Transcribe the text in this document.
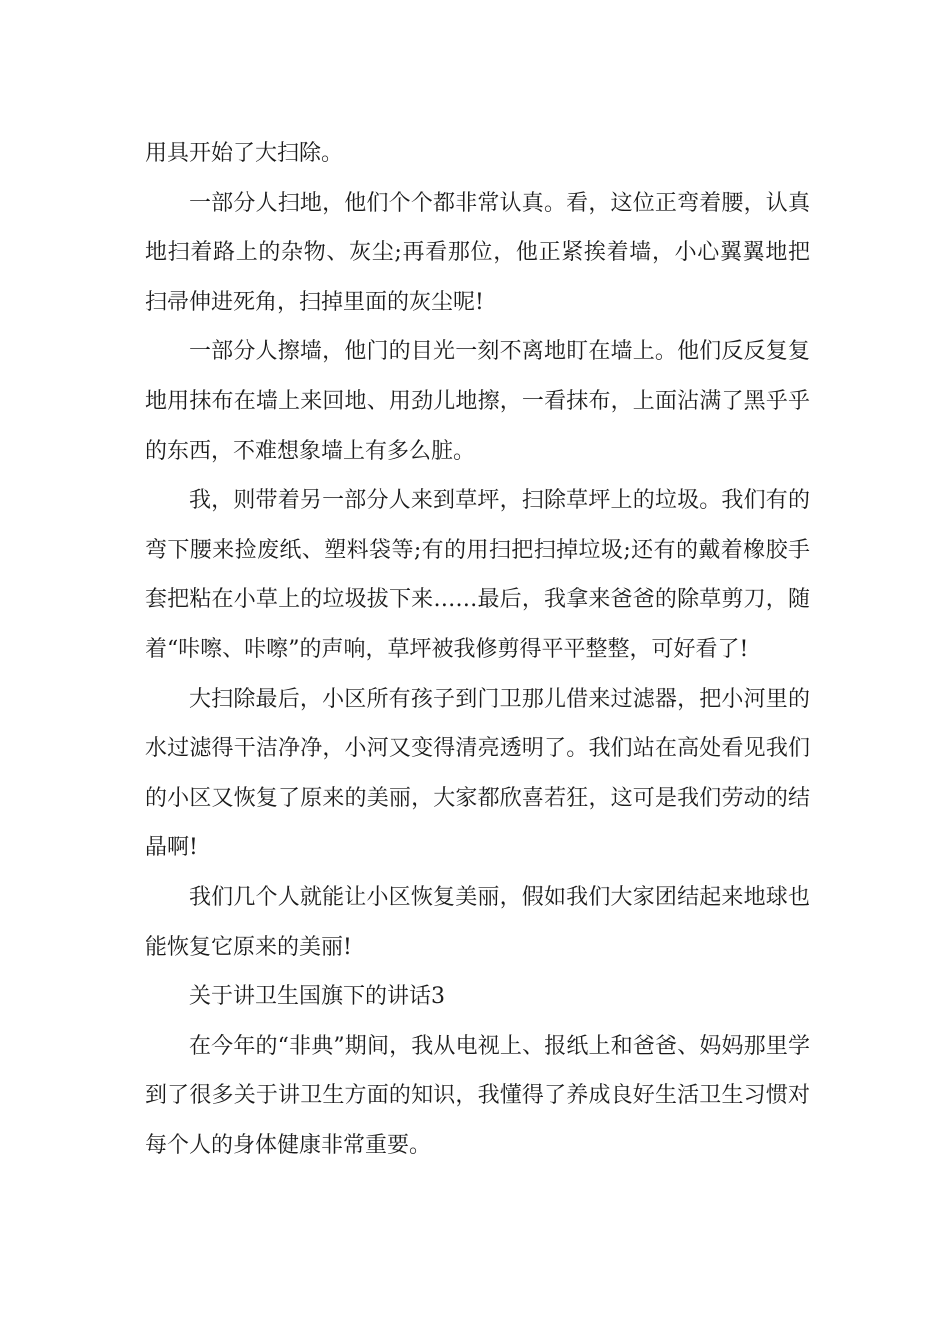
用具开始了大扫除。

一部分人扫地，他们个个都非常认真。看，这位正弯着腰，认真地扫着路上的杂物、灰尘;再看那位，他正紧挨着墙，小心翼翼地把扫帚伸进死角，扫掉里面的灰尘呢!

一部分人擦墙，他门的目光一刻不离地盯在墙上。他们反反复复地用抹布在墙上来回地、用劲儿地擦，一看抹布，上面沾满了黑乎乎的东西，不难想象墙上有多么脏。

我，则带着另一部分人来到草坪，扫除草坪上的垃圾。我们有的弯下腰来捡废纸、塑料袋等;有的用扫把扫掉垃圾;还有的戴着橡胶手套把粘在小草上的垃圾拔下来……最后，我拿来爸爸的除草剪刀，随着“咔嚓、咔嚓”的声响，草坪被我修剪得平平整整，可好看了!

大扫除最后，小区所有孩子到门卫那儿借来过滤器，把小河里的水过滤得干洁净净，小河又变得清亮透明了。我们站在高处看见我们的小区又恢复了原来的美丽，大家都欣喜若狂，这可是我们劳动的结晶啊!

我们几个人就能让小区恢复美丽，假如我们大家团结起来地球也能恢复它原来的美丽!

关于讲卫生国旗下的讲话3

在今年的“非典”期间，我从电视上、报纸上和爸爸、妈妈那里学到了很多关于讲卫生方面的知识，我懂得了养成良好生活卫生习惯对每个人的身体健康非常重要。
